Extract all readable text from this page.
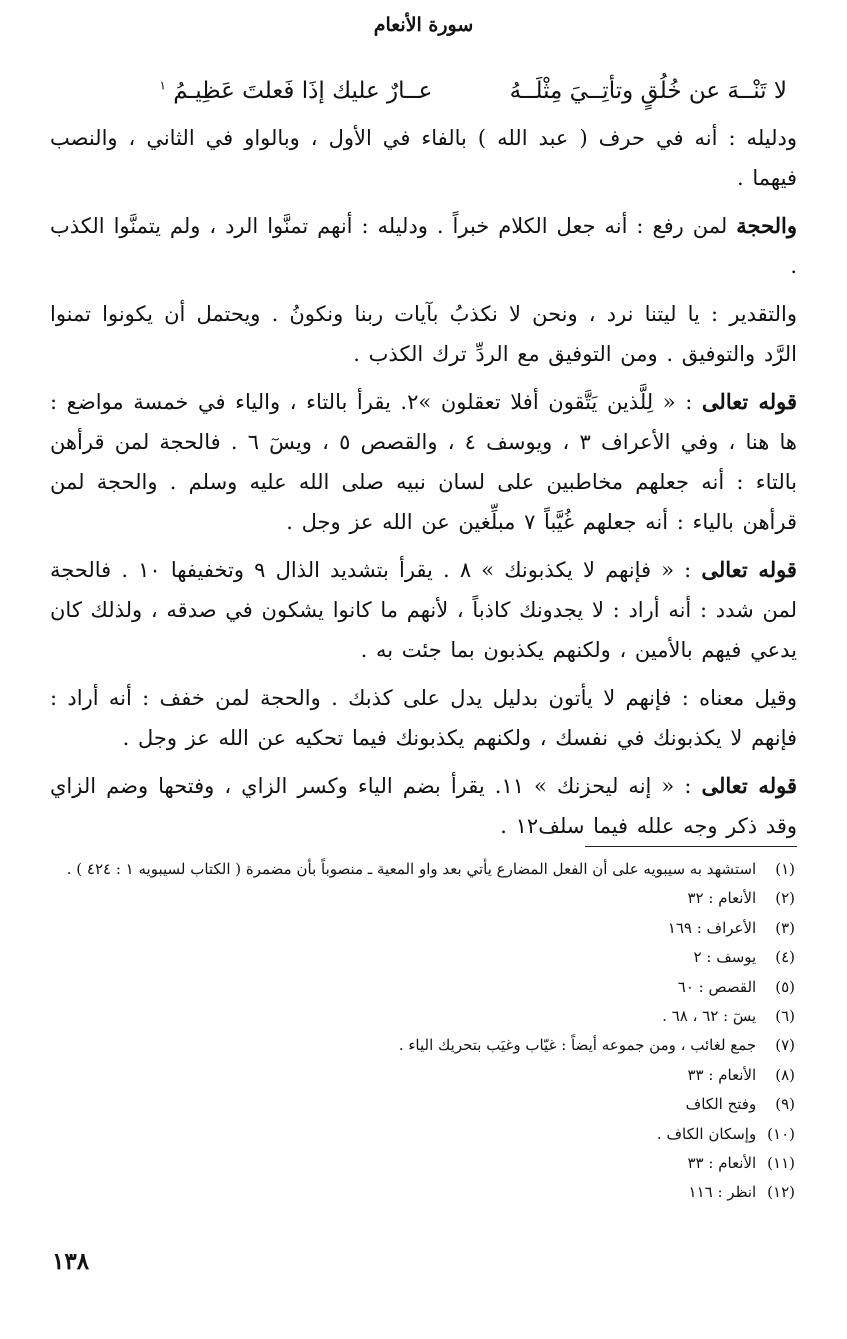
سورة الأنعام
لا تَنْــهَ عن خُلُقٍ وتأتِــيَ مِثْلَــهُ عــارٌ عليك إذَا فَعلتَ عَظِيـمُ $^١$

ودليله : أنه في حرف ( عبد الله ) بالفاء في الأول ، وبالواو في الثاني ، والنصب فيهما .

والحجة لمن رفع : أنه جعل الكلام خبراً . ودليله : أنهم تمنَّوا الرد ، ولم يتمنَّوا الكذب .

والتقدير : يا ليتنا نرد ، ونحن لا نكذبُ بآيات ربنا ونكونُ . ويحتمل أن يكونوا تمنوا الرَّد والتوفيق . ومن التوفيق مع الردِّ ترك الكذب .

قوله تعالى : « لِلَّذين يَتَّقون أفلا تعقلون »٢. يقرأ بالتاء ، والياء في خمسة مواضع : ها هنا ، وفي الأعراف ٣ ، ويوسف ٤ ، والقصص ٥ ، ويسٓ ٦ . فالحجة لمن قرأهن بالتاء : أنه جعلهم مخاطبين على لسان نبيه صلى الله عليه وسلم . والحجة لمن قرأهن بالياء : أنه جعلهم غُيَّباً ٧ مبلِّغين عن الله عز وجل .

قوله تعالى : « فإنهم لا يكذبونك » ٨ . يقرأ بتشديد الذال ٩ وتخفيفها ١٠ . فالحجة لمن شدد : أنه أراد : لا يجدونك كاذباً ، لأنهم ما كانوا يشكون في صدقه ، ولذلك كان يدعي فيهم بالأمين ، ولكنهم يكذبون بما جئت به .

وقيل معناه : فإنهم لا يأتون بدليل يدل على كذبك . والحجة لمن خفف : أنه أراد : فإنهم لا يكذبونك في نفسك ، ولكنهم يكذبونك فيما تحكيه عن الله عز وجل .

قوله تعالى : « إنه ليحزنك » ١١. يقرأ بضم الياء وكسر الزاي ، وفتحها وضم الزاي وقد ذكر وجه علله فيما سلف١٢ .

(١) استشهد به سيبويه على أن الفعل المضارع يأتي بعد واو المعية ـ منصوباً بأن مضمرة ( الكتاب لسيبويه ١ : ٤٢٤ ) .
(٢) الأنعام : ٣٢
(٣) الأعراف : ١٦٩
(٤) يوسف : ٢
(٥) القصص : ٦٠
(٦) يسٓ : ٦٢ ، ٦٨ .
(٧) جمع لغائب ، ومن جموعه أيضاً : غيّاب وغيَب بتحريك الياء .
(٨) الأنعام : ٣٣
(٩) وفتح الكاف
(١٠) وإسكان الكاف .
(١١) الأنعام : ٣٣
(١٢) انظر : ١١٦
١٣٨
